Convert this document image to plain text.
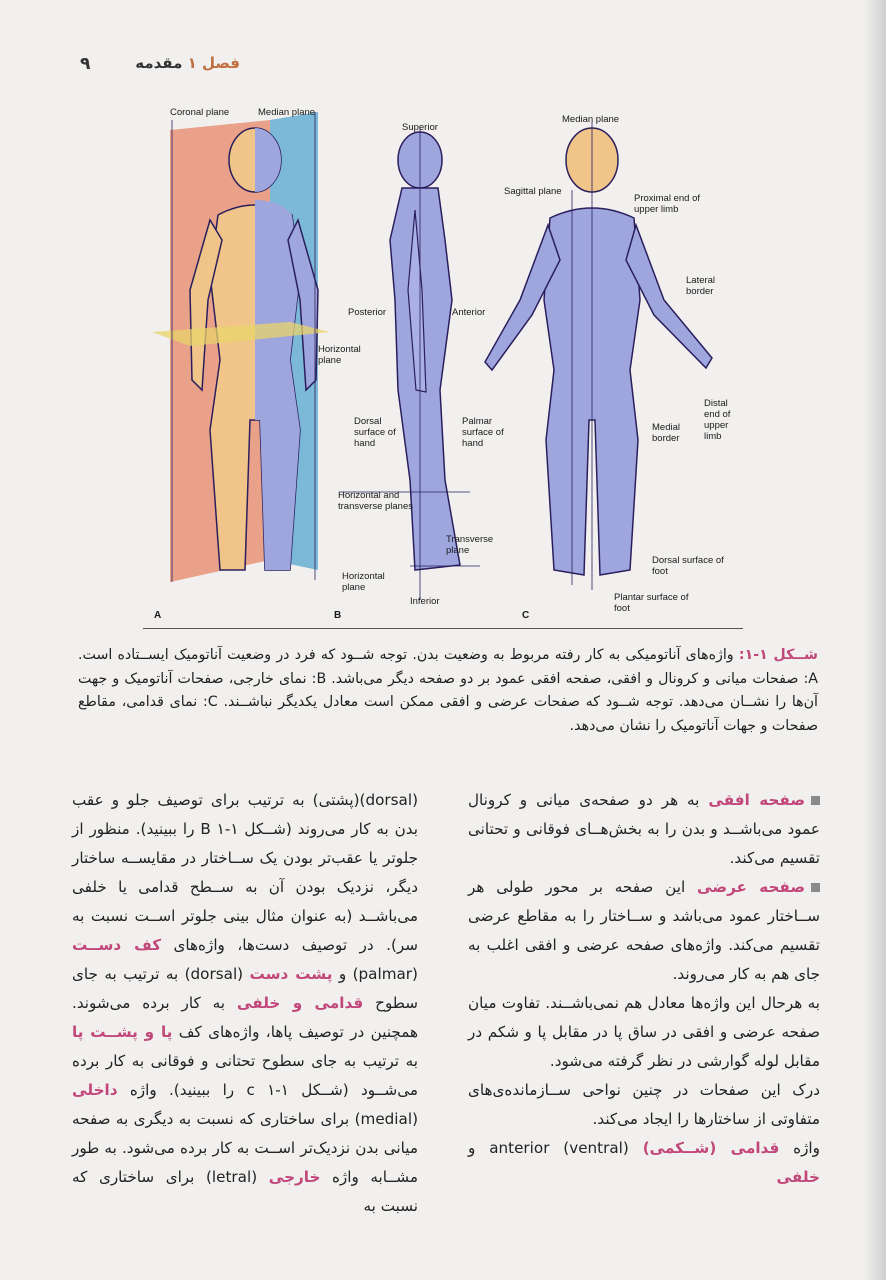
۹	فصل ۱ مقدمه
Coronal plane	Median plane
Horizontal plane
Superior
Posterior	Anterior
Dorsal surface of hand
Palmar surface of hand
Horizontal and transverse planes
Transverse plane
Horizontal plane
Inferior
Median plane
Sagittal plane
Proximal end of upper limb
Lateral border
Medial border
Distal end of upper limb
Dorsal surface of foot
Plantar surface of foot
A	B	C
شــکل ۱-۱: واژه‌های آناتومیکی به کار رفته مربوط به وضعیت بدن. توجه شــود که فرد در وضعیت آناتومیک ایســتاده است. A: صفحات میانی و کرونال و افقی، صفحه افقی عمود بر دو صفحه دیگر می‌باشد. B: نمای خارجی، صفحات آناتومیک و جهت آن‌ها را نشــان می‌دهد. توجه شــود که صفحات عرضی و افقی ممکن است معادل یکدیگر نباشــند. C: نمای قدامی، مقاطع صفحات و جهات آناتومیک را نشان می‌دهد.

صفحه افقی به هر دو صفحه‌ی میانی و کرونال عمود می‌باشــد و بدن را به بخش‌هــای فوقانی و تحتانی تقسیم می‌کند.

صفحه عرضی این صفحه بر محور طولی هر ســاختار عمود می‌باشد و ســاختار را به مقاطع عرضی تقسیم می‌کند. واژه‌های صفحه عرضی و افقی اغلب به جای هم به کار می‌روند.

به هرحال این واژه‌ها معادل هم نمی‌باشــند. تفاوت میان صفحه عرضی و افقی در ساق پا در مقابل پا و شکم در مقابل لوله گوارشی در نظر گرفته می‌شود.

درک این صفحات در چنین نواحی ســازمانده‌ی‌های متفاوتی از ساختارها را ایجاد می‌کند.

واژه قدامی (شــکمی) anterior (ventral) و خلفی

(dorsal)(پشتی) به ترتیب برای توصیف جلو و عقب بدن به کار می‌روند (شــکل B ۱-۱ را ببینید). منظور از جلوتر یا عقب‌تر بودن یک ســاختار در مقایســه ساختار دیگر، نزدیک بودن آن به ســطح قدامی یا خلفی می‌باشــد (به عنوان مثال بینی جلوتر اســت نسبت به سر). در توصیف دست‌ها، واژه‌های کف دســت (palmar) و پشت دست (dorsal) به ترتیب به جای سطوح قدامی و خلفی به کار برده می‌شوند. همچنین در توصیف پاها، واژه‌های کف پا و پشــت پا به ترتیب به جای سطوح تحتانی و فوقانی به کار برده می‌شــود (شــکل c ۱-۱ را ببینید). واژه داخلی (medial) برای ساختاری که نسبت به دیگری به صفحه میانی بدن نزدیک‌تر اســت به کار برده می‌شود. به طور مشــابه واژه خارجی (letral) برای ساختاری که نسبت به
